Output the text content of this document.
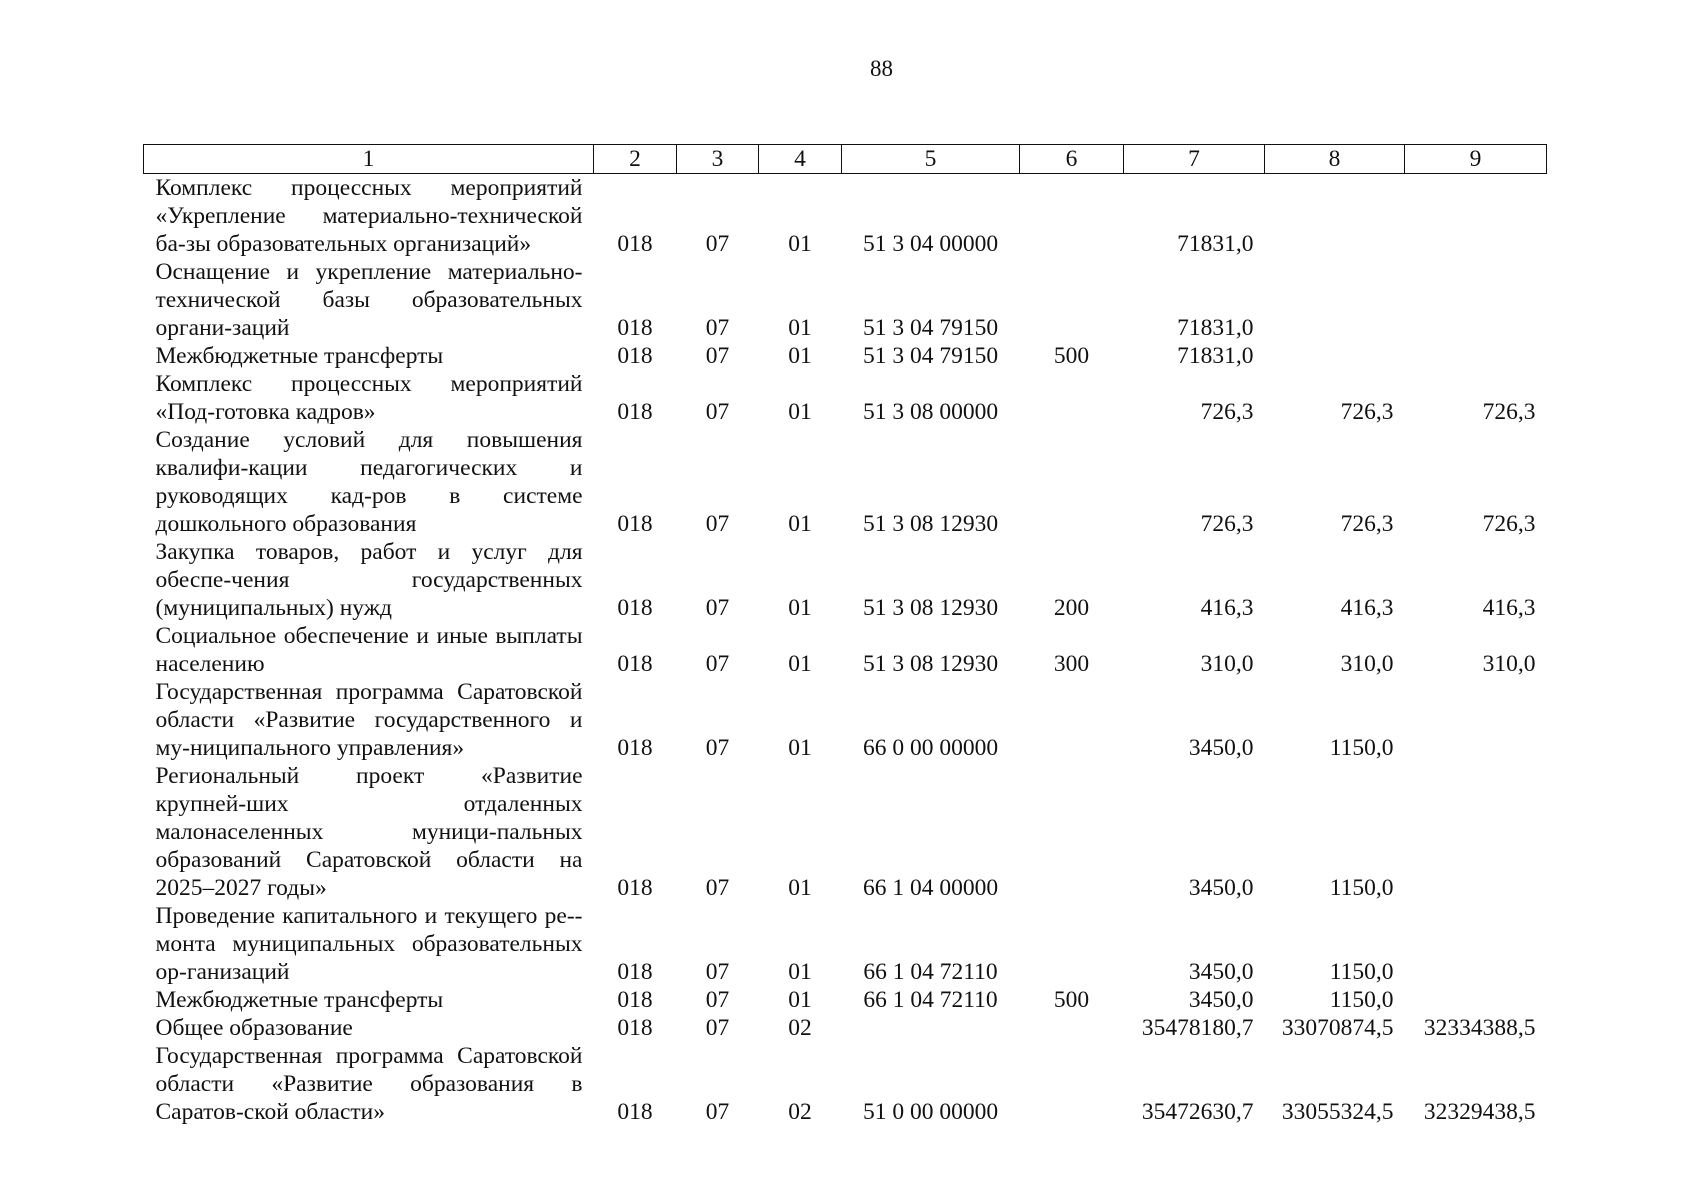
88
1	2	3	4	5	6	7	8	9
Комплекс процессных мероприятий «Укрепление материально-технической ба-зы образовательных организаций»	018	07	01	51 3 04 00000		71831,0		
Оснащение и укрепление материально-технической базы образовательных органи-заций	018	07	01	51 3 04 79150		71831,0		
Межбюджетные трансферты	018	07	01	51 3 04 79150	500	71831,0		
Комплекс процессных мероприятий «Под-готовка кадров»	018	07	01	51 3 08 00000		726,3	726,3	726,3
Создание условий для повышения квалифи-кации педагогических и руководящих кад-ров в системе дошкольного образования	018	07	01	51 3 08 12930		726,3	726,3	726,3
Закупка товаров, работ и услуг для обеспе-чения государственных (муниципальных) нужд	018	07	01	51 3 08 12930	200	416,3	416,3	416,3
Социальное обеспечение и иные выплаты населению	018	07	01	51 3 08 12930	300	310,0	310,0	310,0
Государственная программа Саратовской области «Развитие государственного и му-ниципального управления»	018	07	01	66 0 00 00000		3450,0	1150,0	
Региональный проект «Развитие крупней-ших отдаленных малонаселенных муници-пальных образований Саратовской области на 2025–2027 годы»	018	07	01	66 1 04 00000		3450,0	1150,0	
Проведение капитального и текущего ре-монта муниципальных образовательных ор-ганизаций	018	07	01	66 1 04 72110		3450,0	1150,0	
Межбюджетные трансферты	018	07	01	66 1 04 72110	500	3450,0	1150,0	
Общее образование	018	07	02			35478180,7	33070874,5	32334388,5
Государственная программа Саратовской области «Развитие образования в Саратов-ской области»	018	07	02	51 0 00 00000		35472630,7	33055324,5	32329438,5
